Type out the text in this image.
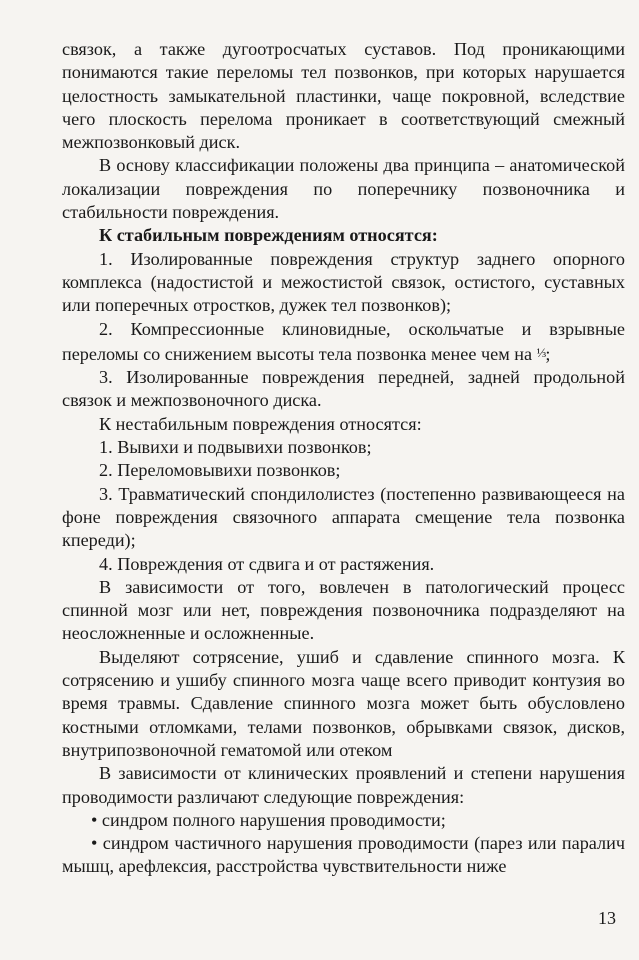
связок, а также дугоотросчатых суставов. Под проникающими понимаются такие переломы тел позвонков, при которых нарушается целостность замыкательной пластинки, чаще покровной, вследствие чего плоскость перелома проникает в соответствующий смежный межпозвонковый диск.

В основу классификации положены два принципа – анатомической локализации повреждения по поперечнику позвоночника и стабильности повреждения.

К стабильным повреждениям относятся:

1. Изолированные повреждения структур заднего опорного комплекса (надостистой и межостистой связок, остистого, суставных или поперечных отростков, дужек тел позвонков);

2. Компрессионные клиновидные, оскольчатые и взрывные переломы со снижением высоты тела позвонка менее чем на ⅓;

3. Изолированные повреждения передней, задней продольной связок и межпозвоночного диска.

К нестабильным повреждения относятся:

1. Вывихи и подвывихи позвонков;

2. Переломовывихи позвонков;

3. Травматический спондилолистез (постепенно развивающееся на фоне повреждения связочного аппарата смещение тела позвонка кпереди);

4. Повреждения от сдвига и от растяжения.

В зависимости от того, вовлечен в патологический процесс спинной мозг или нет, повреждения позвоночника подразделяют на неосложненные и осложненные.

Выделяют сотрясение, ушиб и сдавление спинного мозга. К сотрясению и ушибу спинного мозга чаще всего приводит контузия во время травмы. Сдавление спинного мозга может быть обусловлено костными отломками, телами позвонков, обрывками связок, дисков, внутрипозвоночной гематомой или отеком

В зависимости от клинических проявлений и степени нарушения проводимости различают следующие повреждения:

• синдром полного нарушения проводимости;

• синдром частичного нарушения проводимости (парез или паралич мышц, арефлексия, расстройства чувствительности ниже

13
